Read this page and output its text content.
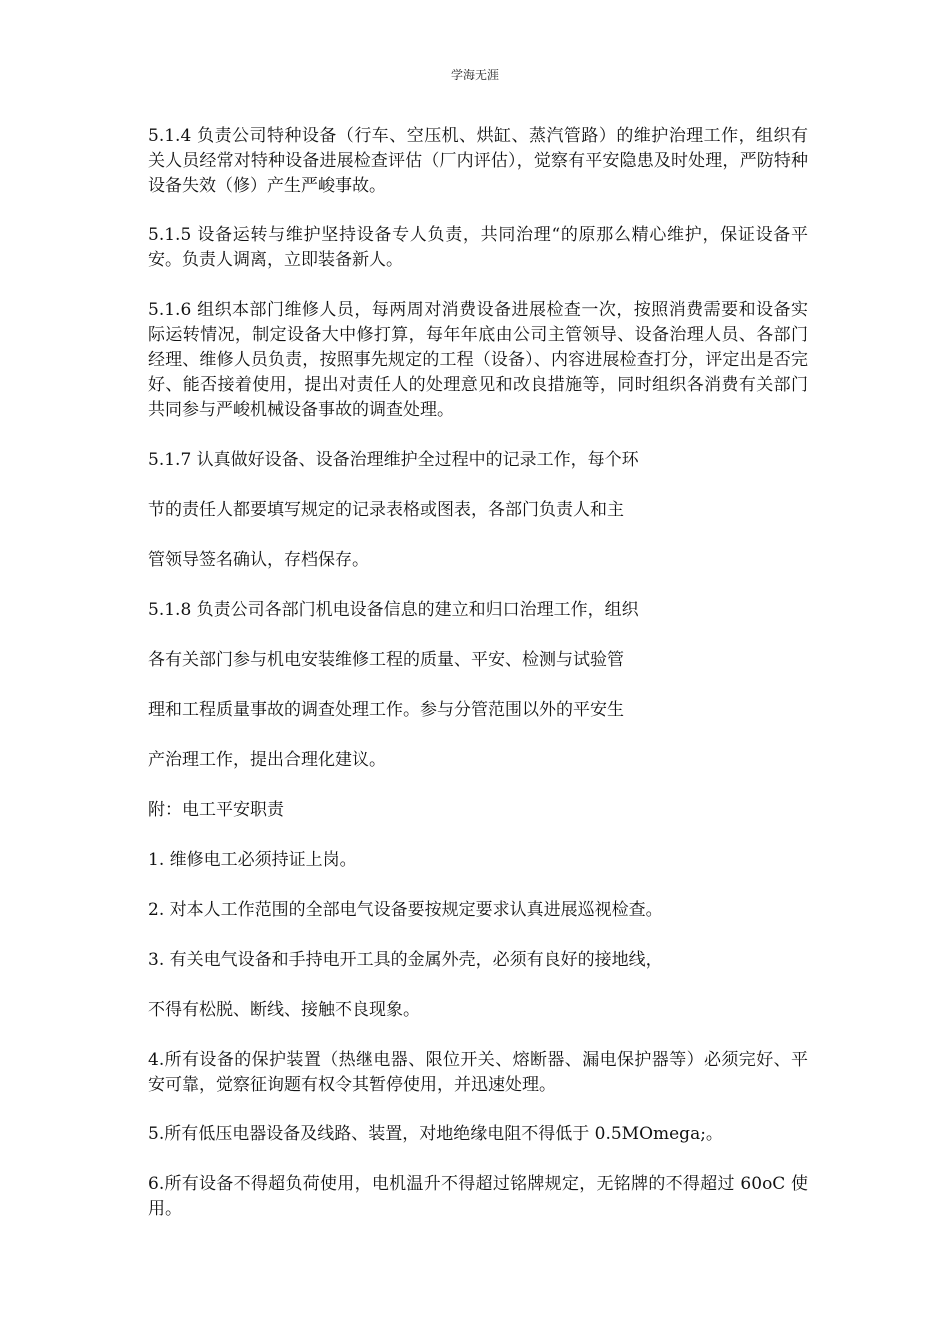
学海无涯

5.1.4 负责公司特种设备（行车、空压机、烘缸、蒸汽管路）的维护治理工作，组织有关人员经常对特种设备进展检查评估（厂内评估），觉察有平安隐患及时处理，严防特种设备失效（修）产生严峻事故。

5.1.5 设备运转与维护坚持设备专人负责，共同治理“的原那么精心维护，保证设备平安。负责人调离，立即装备新人。

5.1.6 组织本部门维修人员，每两周对消费设备进展检查一次，按照消费需要和设备实际运转情况，制定设备大中修打算，每年年底由公司主管领导、设备治理人员、各部门经理、维修人员负责，按照事先规定的工程（设备）、内容进展检查打分，评定出是否完好、能否接着使用，提出对责任人的处理意见和改良措施等，同时组织各消费有关部门共同参与严峻机械设备事故的调查处理。

5.1.7 认真做好设备、设备治理维护全过程中的记录工作，每个环

节的责任人都要填写规定的记录表格或图表，各部门负责人和主

管领导签名确认，存档保存。

5.1.8 负责公司各部门机电设备信息的建立和归口治理工作，组织

各有关部门参与机电安装维修工程的质量、平安、检测与试验管

理和工程质量事故的调查处理工作。参与分管范围以外的平安生

产治理工作，提出合理化建议。

附：电工平安职责

1. 维修电工必须持证上岗。

2. 对本人工作范围的全部电气设备要按规定要求认真进展巡视检查。

3. 有关电气设备和手持电开工具的金属外壳，必须有良好的接地线，

不得有松脱、断线、接触不良现象。

4.所有设备的保护装置（热继电器、限位开关、熔断器、漏电保护器等）必须完好、平安可靠，觉察征询题有权令其暂停使用，并迅速处理。

5.所有低压电器设备及线路、装置，对地绝缘电阻不得低于 0.5MOmega;。

6.所有设备不得超负荷使用，电机温升不得超过铭牌规定，无铭牌的不得超过 60oC 使用。
